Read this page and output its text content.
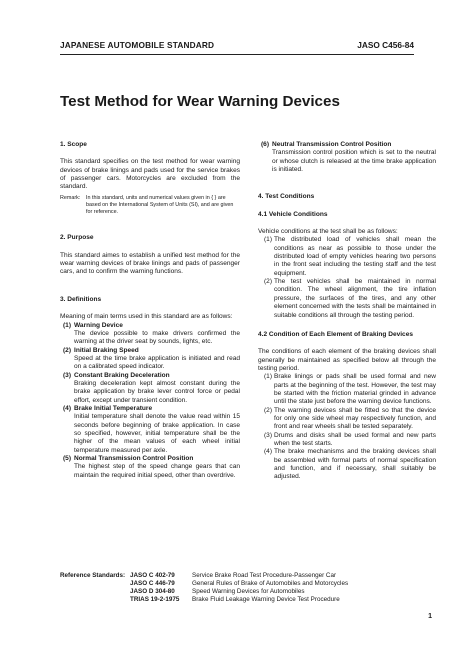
JAPANESE AUTOMOBILE STANDARD	JASO C456-84
Test Method for Wear Warning Devices
1. Scope
This standard specifies on the test method for wear warning devices of brake linings and pads used for the service brakes of passenger cars. Motorcycles are excluded from the standard.
Remark: In this standard, units and numerical values given in { } are based on the International System of Units (SI), and are given for reference.
2. Purpose
This standard aimes to establish a unified test method for the wear warning devices of brake linings and pads of passenger cars, and to confirm the warning functions.
3. Definitions
Meaning of main terms used in this standard are as follows:
(1) Warning Device
The device possible to make drivers confirmed the warning at the driver seat by sounds, lights, etc.
(2) Initial Braking Speed
Speed at the time brake application is initiated and read on a calibrated speed indicator.
(3) Constant Braking Deceleration
Braking deceleration kept almost constant during the brake application by brake lever control force or pedal effort, except under transient condition.
(4) Brake Initial Temperature
Initial temperature shall denote the value read within 15 seconds before beginning of brake application. In case so specified, however, initial temperature shall be the higher of the mean values of each wheel initial temperature measured per axle.
(5) Normal Transmission Control Position
The highest step of the speed change gears that can maintain the required initial speed, other than overdrive.
(6) Neutral Transmission Control Position
Transmission control position which is set to the neutral or whose clutch is released at the time brake application is initiated.
4. Test Conditions
4.1 Vehicle Conditions
Vehicle conditions at the test shall be as follows:
(1) The distributed load of vehicles shall mean the conditions as near as possible to those under the distributed load of empty vehicles hearing two persons in the front seat including the testing staff and the test equipment.
(2) The test vehicles shall be maintained in normal condition. The wheel alignment, the tire inflation pressure, the surfaces of the tires, and any other element concerned with the tests shall be maintained in suitable conditions all through the testing period.
4.2 Condition of Each Element of Braking Devices
The conditions of each element of the braking devices shall generally be maintained as specified below all through the testing period.
(1) Brake linings or pads shall be used formal and new parts at the beginning of the test. However, the test may be started with the friction material grinded in advance until the state just before the warning device functions.
(2) The warning devices shall be fitted so that the device for only one side wheel may respectively function, and front and rear wheels shall be tested separately.
(3) Drums and disks shall be used formal and new parts when the test starts.
(4) The brake mechanisms and the braking devices shall be assembled with formal parts of normal specification and function, and if necessary, shall suitably be adjusted.
Reference Standards: JASO C 402-79	Service Brake Road Test Procedure-Passenger Car
JASO C 446-79	General Rules of Brake of Automobiles and Motorcycles
JASO D 304-80	Speed Warning Devices for Automobiles
TRIAS 19-2-1975 Brake Fluid Leakage Warning Device Test Procedure
1
